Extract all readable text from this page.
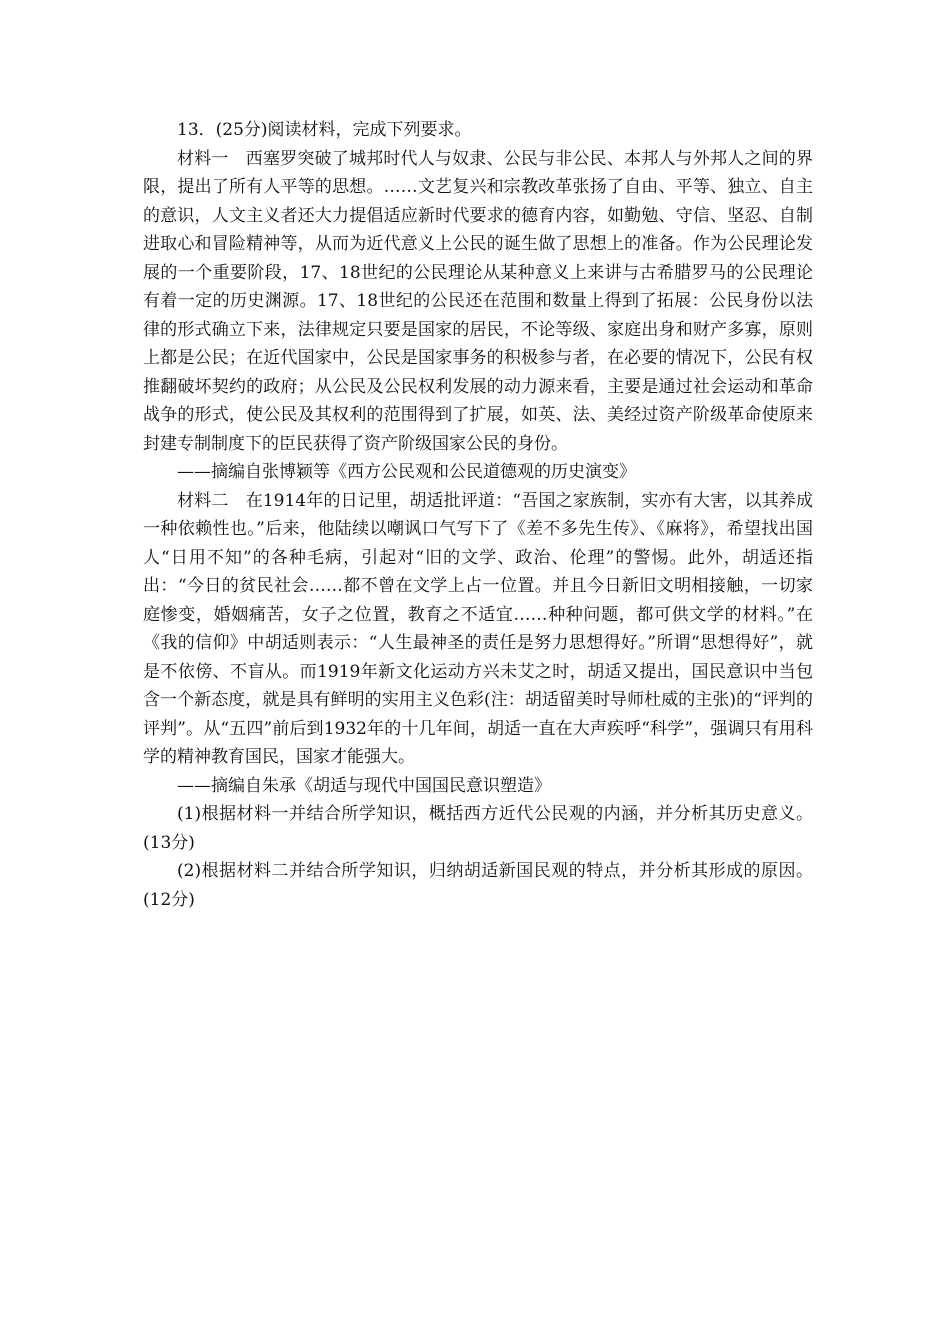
13．(25分)阅读材料，完成下列要求。

材料一　西塞罗突破了城邦时代人与奴隶、公民与非公民、本邦人与外邦人之间的界限，提出了所有人平等的思想。……文艺复兴和宗教改革张扬了自由、平等、独立、自主的意识，人文主义者还大力提倡适应新时代要求的德育内容，如勤勉、守信、坚忍、自制进取心和冒险精神等，从而为近代意义上公民的诞生做了思想上的准备。作为公民理论发展的一个重要阶段，17、18世纪的公民理论从某种意义上来讲与古希腊罗马的公民理论有着一定的历史渊源。17、18世纪的公民还在范围和数量上得到了拓展：公民身份以法律的形式确立下来，法律规定只要是国家的居民，不论等级、家庭出身和财产多寡，原则上都是公民；在近代国家中，公民是国家事务的积极参与者，在必要的情况下，公民有权推翻破坏契约的政府；从公民及公民权利发展的动力源来看，主要是通过社会运动和革命战争的形式，使公民及其权利的范围得到了扩展，如英、法、美经过资产阶级革命使原来封建专制制度下的臣民获得了资产阶级国家公民的身份。

——摘编自张博颖等《西方公民观和公民道德观的历史演变》

材料二　在1914年的日记里，胡适批评道：“吾国之家族制，实亦有大害，以其养成一种依赖性也。”后来，他陆续以嘲讽口气写下了《差不多先生传》、《麻将》，希望找出国人“日用不知”的各种毛病，引起对“旧的文学、政治、伦理”的警惕。此外，胡适还指出：“今日的贫民社会……都不曾在文学上占一位置。并且今日新旧文明相接触，一切家庭惨变，婚姻痛苦，女子之位置，教育之不适宜……种种问题，都可供文学的材料。”在《我的信仰》中胡适则表示：“人生最神圣的责任是努力思想得好。”所谓“思想得好”，就是不依傍、不盲从。而1919年新文化运动方兴未艾之时，胡适又提出，国民意识中当包含一个新态度，就是具有鲜明的实用主义色彩(注：胡适留美时导师杜威的主张)的“评判的评判”。从“五四”前后到1932年的十几年间，胡适一直在大声疾呼“科学”，强调只有用科学的精神教育国民，国家才能强大。

——摘编自朱承《胡适与现代中国国民意识塑造》

(1)根据材料一并结合所学知识，概括西方近代公民观的内涵，并分析其历史意义。(13分)

(2)根据材料二并结合所学知识，归纳胡适新国民观的特点，并分析其形成的原因。(12分)
